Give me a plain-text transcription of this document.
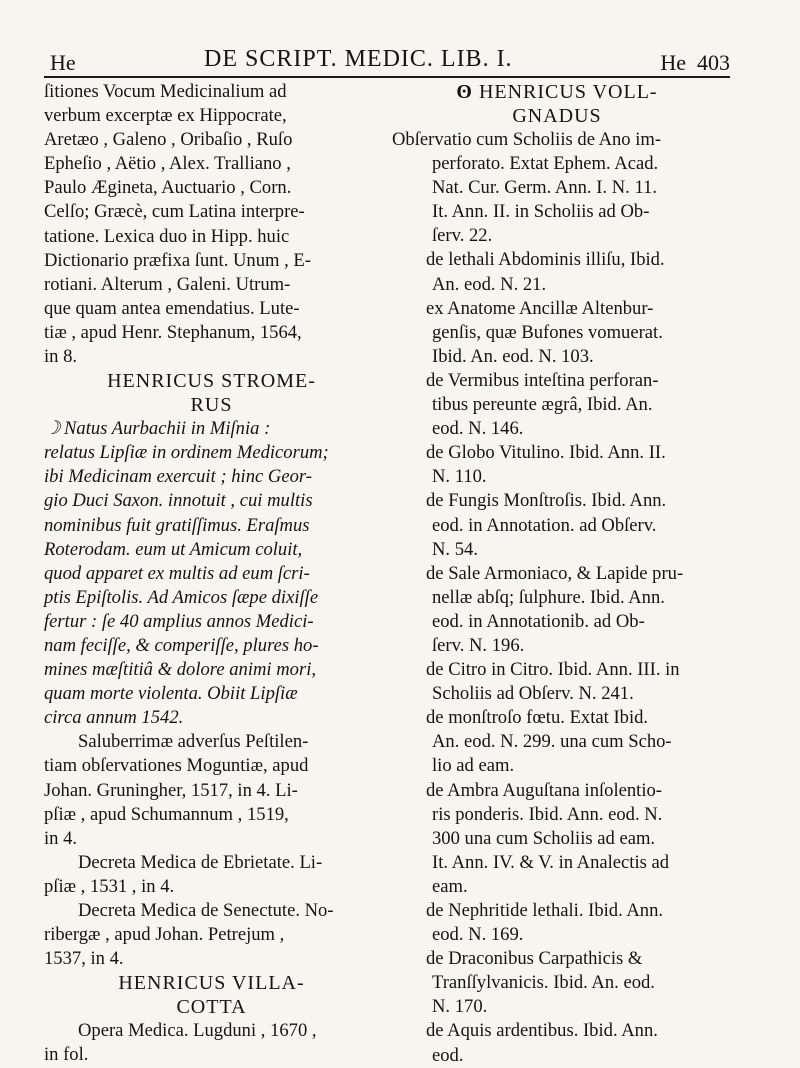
He	DE SCRIPT. MEDIC. LIB. I.	He 403
ſitiones Vocum Medicinalium ad
verbum excerptæ ex Hippocrate,
Aretæo , Galeno , Oribaſio , Ruſo
Epheſio , Aëtio , Alex. Tralliano ,
Paulo Ægineta, Auctuario , Corn.
Celſo; Græcè, cum Latina interpre-
tatione. Lexica duo in Hipp. huic
Dictionario præfixa ſunt. Unum , E-
rotiani. Alterum , Galeni. Utrum-
que quam antea emendatius. Lute-
tiæ , apud Henr. Stephanum, 1564,
in 8.
HENRICUS STROME-
RUS
☽ Natus Aurbachii in Miſnia :
relatus Lipſiæ in ordinem Medicorum;
ibi Medicinam exercuit ; hinc Geor-
gio Duci Saxon. innotuit , cui multis
nominibus fuit gratiſſimus. Eraſmus
Roterodam. eum ut Amicum coluit,
quod apparet ex multis ad eum ſcri-
ptis Epiſtolis. Ad Amicos ſæpe dixiſſe
fertur : ſe 40 amplius annos Medici-
nam feciſſe, & comperiſſe, plures ho-
mines mæſtitiâ & dolore animi mori,
quam morte violenta. Obiit Lipſiæ
circa annum 1542.
Saluberrimæ adverſus Peſtilen-
tiam obſervationes Moguntiæ, apud
Johan. Gruningher, 1517, in 4. Li-
pſiæ , apud Schumannum , 1519,
in 4.
Decreta Medica de Ebrietate. Li-
pſiæ , 1531 , in 4.
Decreta Medica de Senectute. No-
ribergæ , apud Johan. Petrejum ,
1537, in 4.
HENRICUS VILLA-
COTTA
Opera Medica. Lugduni , 1670 ,
in fol.
ʘ HENRICUS VOLL-
GNADUS
Obſervatio cum Scholiis de Ano im-
perforato. Extat Ephem. Acad.
Nat. Cur. Germ. Ann. I. N. 11.
It. Ann. II. in Scholiis ad Ob-
ſerv. 22.
de lethali Abdominis illiſu, Ibid.
An. eod. N. 21.
ex Anatome Ancillæ Altenbur-
genſis, quæ Bufones vomuerat.
Ibid. An. eod. N. 103.
de Vermibus inteſtina perforan-
tibus pereunte ægrâ, Ibid. An.
eod. N. 146.
de Globo Vitulino. Ibid. Ann. II.
N. 110.
de Fungis Monſtroſis. Ibid. Ann.
eod. in Annotation. ad Obſerv.
N. 54.
de Sale Armoniaco, & Lapide pru-
nellæ abſq; ſulphure. Ibid. Ann.
eod. in Annotationib. ad Ob-
ſerv. N. 196.
de Citro in Citro. Ibid. Ann. III. in
Scholiis ad Obſerv. N. 241.
de monſtroſo fœtu. Extat Ibid.
An. eod. N. 299. una cum Scho-
lio ad eam.
de Ambra Auguſtana inſolentio-
ris ponderis. Ibid. Ann. eod. N.
300 una cum Scholiis ad eam.
It. Ann. IV. & V. in Analectis ad
eam.
de Nephritide lethali. Ibid. Ann.
eod. N. 169.
de Draconibus Carpathicis &
Tranſſylvanicis. Ibid. An. eod.
N. 170.
de Aquis ardentibus. Ibid. Ann.
eod.
